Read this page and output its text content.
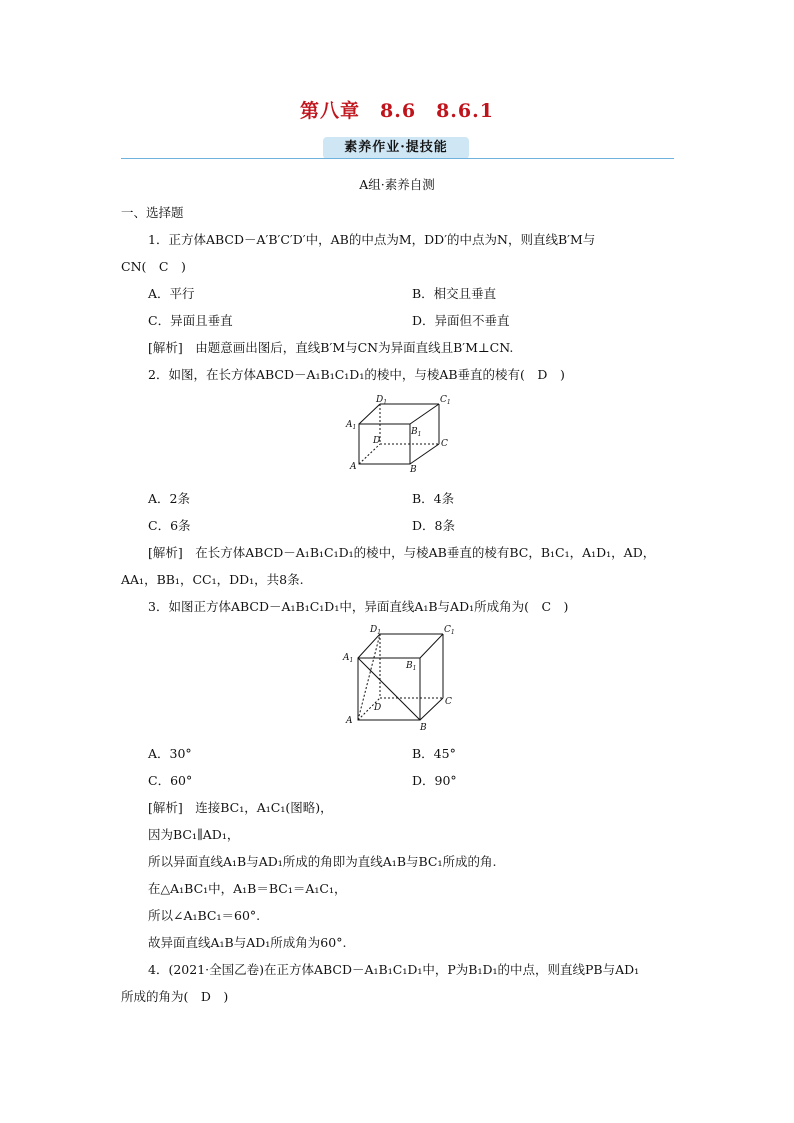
第八章　8.6　8.6.1
素养作业·提技能
A组·素养自测
一、选择题
1．正方体ABCD－A′B′C′D′中，AB的中点为M，DD′的中点为N，则直线B′M与
CN(　C　)
A．平行	B．相交且垂直
C．异面且垂直	D．异面但不垂直
[解析]　由题意画出图后，直线B′M与CN为异面直线且B′M⊥CN.
2．如图，在长方体ABCD－A₁B₁C₁D₁的棱中，与棱AB垂直的棱有(　D　)
$D_1$	$C_1$
$A_1$	$B_1$
D	C
A	B
A．2条	B．4条
C．6条	D．8条
[解析]　在长方体ABCD－A₁B₁C₁D₁的棱中，与棱AB垂直的棱有BC，B₁C₁，A₁D₁，AD，
AA₁，BB₁，CC₁，DD₁，共8条.
3．如图正方体ABCD－A₁B₁C₁D₁中，异面直线A₁B与AD₁所成角为(　C　)
$D_1$	$C_1$
$A_1$
$B_1$
D
C
A
B
A．30°	B．45°
C．60°	D．90°
[解析]　连接BC₁，A₁C₁(图略)，
因为BC₁∥AD₁，
所以异面直线A₁B与AD₁所成的角即为直线A₁B与BC₁所成的角.
在△A₁BC₁中，A₁B＝BC₁＝A₁C₁，
所以∠A₁BC₁＝60°.
故异面直线A₁B与AD₁所成角为60°.
4．(2021·全国乙卷)在正方体ABCD－A₁B₁C₁D₁中，P为B₁D₁的中点，则直线PB与AD₁
所成的角为(　D　)
